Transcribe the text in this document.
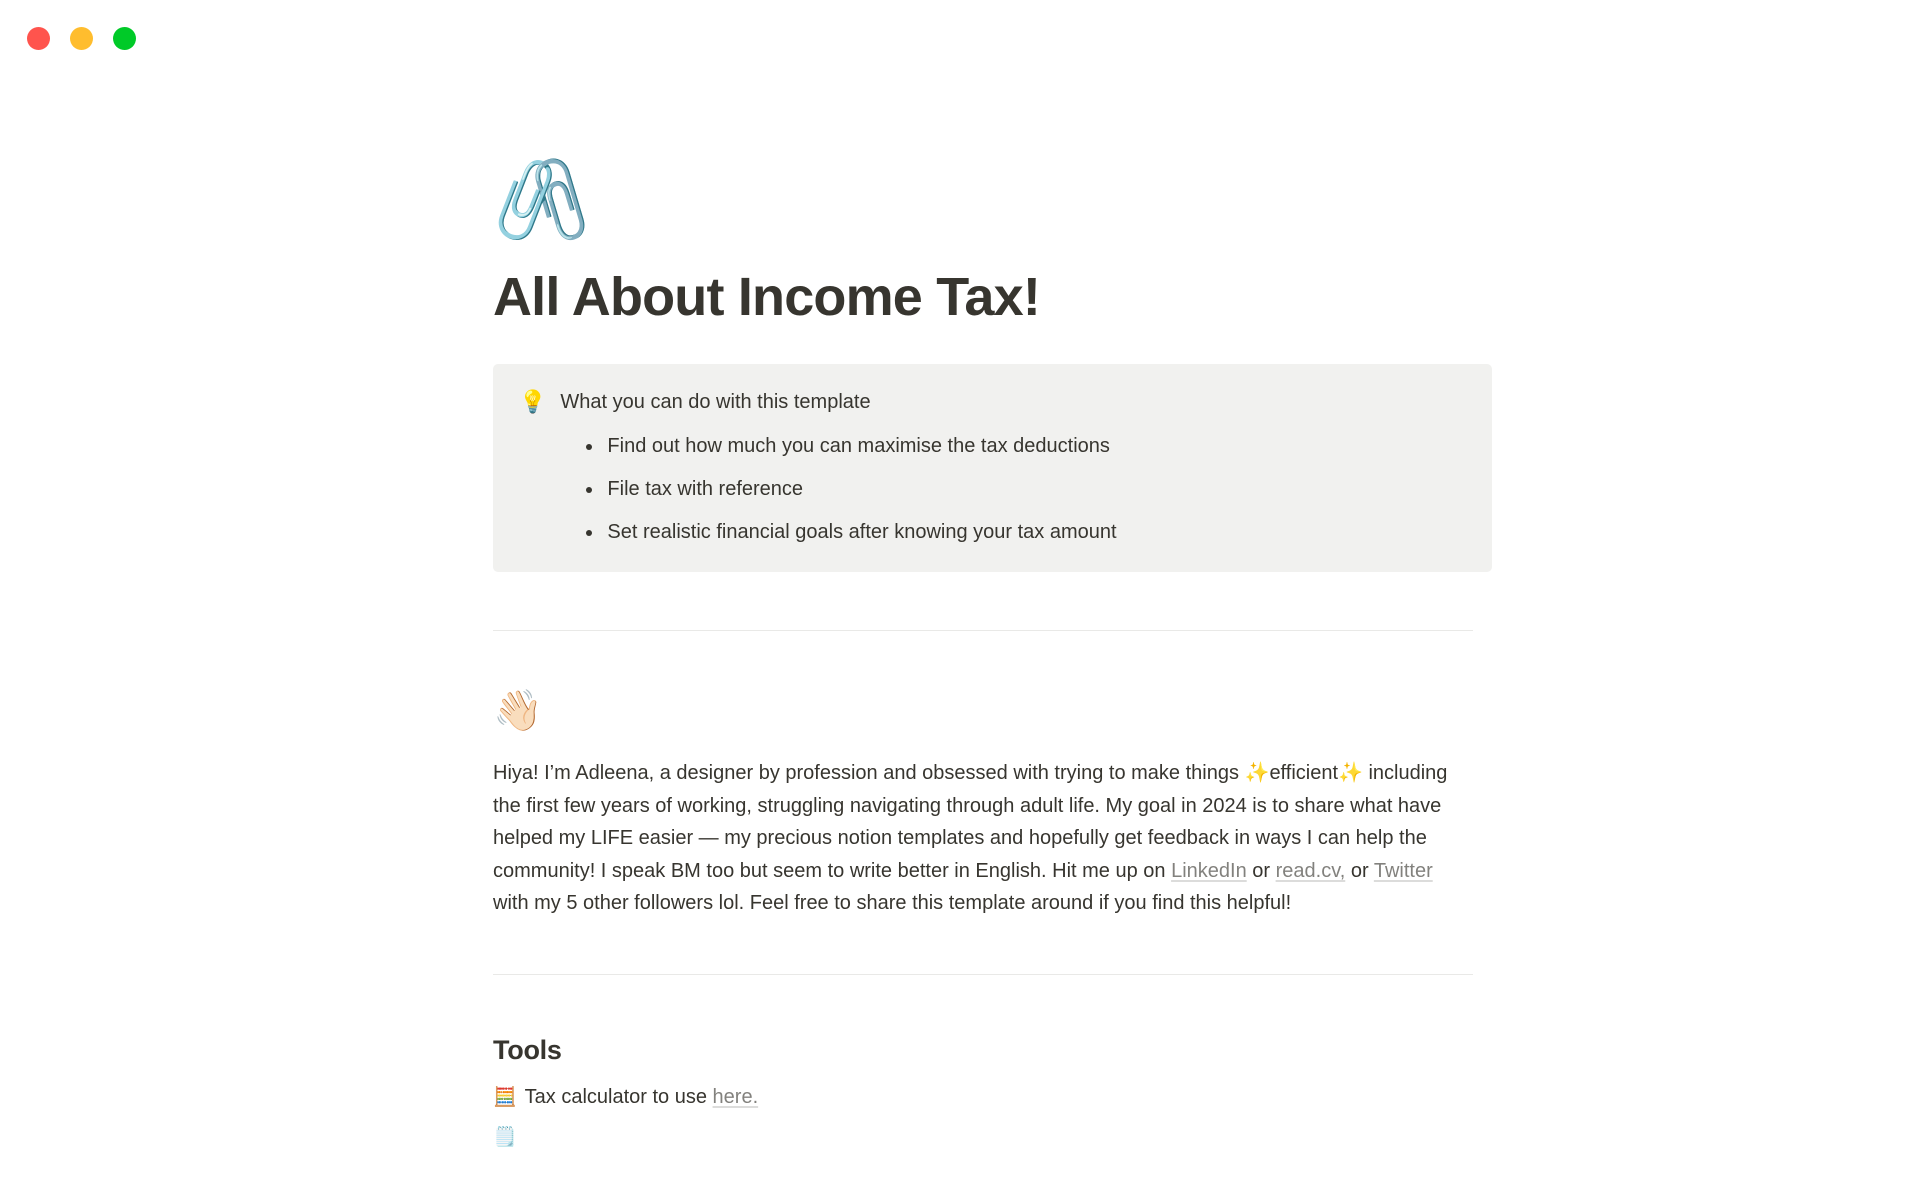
🖇️
All About Income Tax!
💡 What you can do with this template
Find out how much you can maximise the tax deductions
File tax with reference
Set realistic financial goals after knowing your tax amount
👋🏻

Hiya! I’m Adleena, a designer by profession and obsessed with trying to make things ✨efficient✨ including the first few years of working, struggling navigating through adult life. My goal in 2024 is to share what have helped my LIFE easier — my precious notion templates and hopefully get feedback in ways I can help the community! I speak BM too but seem to write better in English. Hit me up on LinkedIn or read.cv, or Twitter with my 5 other followers lol. Feel free to share this template around if you find this helpful!

Tools
🧮 Tax calculator to use here.
🗒️
